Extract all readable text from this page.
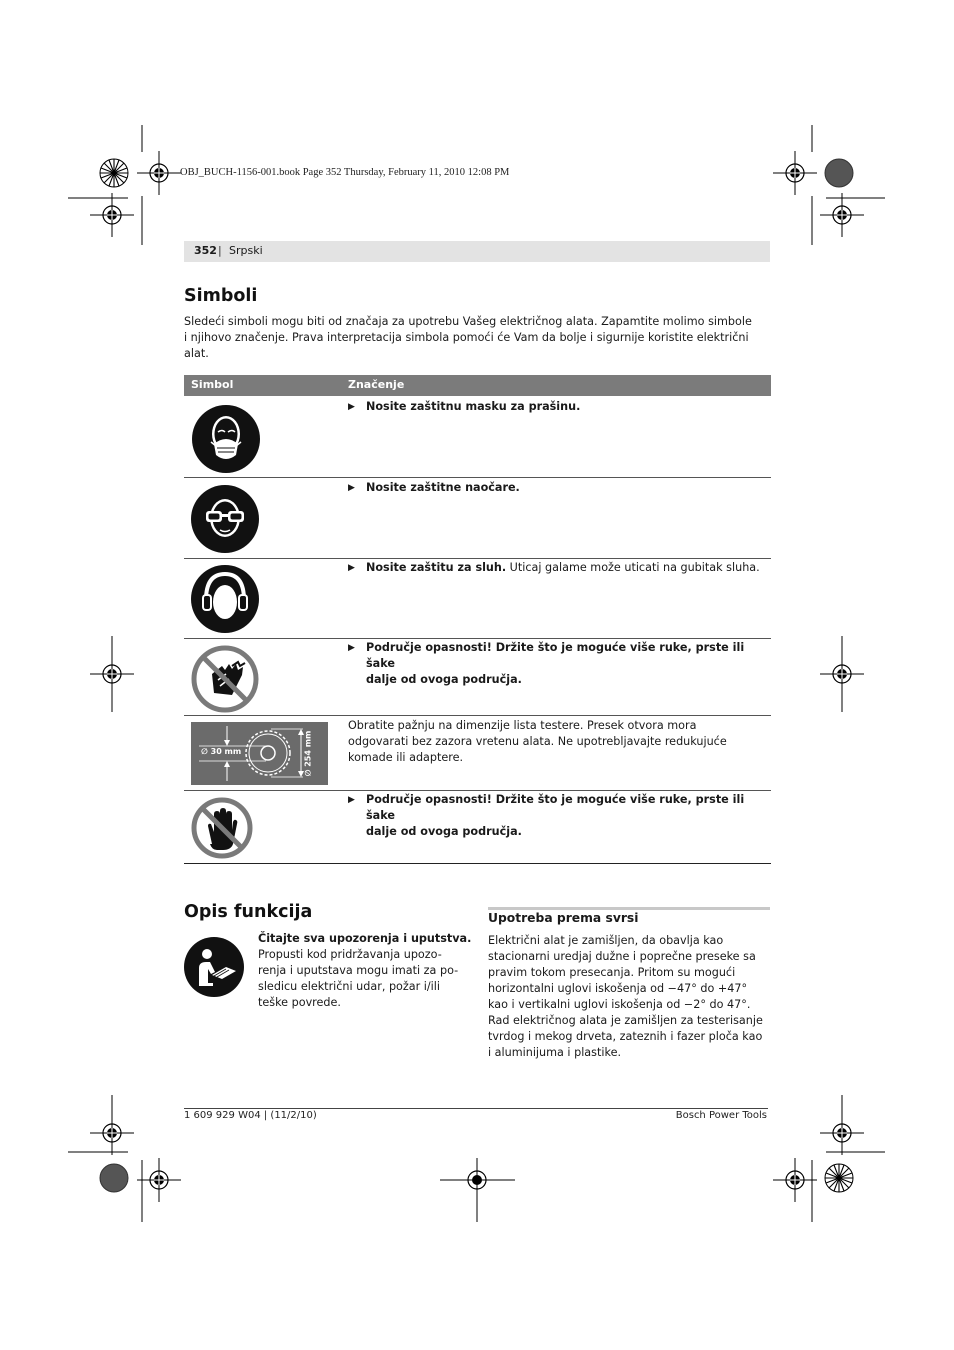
OBJ_BUCH-1156-001.book Page 352 Thursday, February 11, 2010 12:08 PM
352 | Srpski
Simboli
Sledeći simboli mogu biti od značaja za upotrebu Vašeg električnog alata. Zapamtite molimo simbole
i njihovo značenje. Prava interpretacija simbola pomoći će Vam da bolje i sigurnije koristite električni
alat.
Simbol	Značenje
▶ Nosite zaštitnu masku za prašinu.
▶ Nosite zaštitne naočare.
▶ Nosite zaštitu za sluh. Uticaj galame može uticati na gubitak sluha.
▶ Područje opasnosti! Držite što je moguće više ruke, prste ili šake
dalje od ovoga područja.
∅ 30 mm	∅ 254 mm
Obratite pažnju na dimenzije lista testere. Presek otvora mora
odgovarati bez zazora vretenu alata. Ne upotrebljavajte redukujuće
komade ili adaptere.
▶ Područje opasnosti! Držite što je moguće više ruke, prste ili šake
dalje od ovoga područja.
Opis funkcija
Čitajte sva upozorenja i uputstva.
Propusti kod pridržavanja upozo-
renja i uputstava mogu imati za po-
sledicu električni udar, požar i/ili
teške povrede.
Upotreba prema svrsi
Električni alat je zamišljen, da obavlja kao
stacionarni uredjaj dužne i poprečne preseke sa
pravim tokom presecanja. Pritom su mogući
horizontalni uglovi iskošenja od −47° do +47°
kao i vertikalni uglovi iskošenja od −2° do 47°.
Rad električnog alata je zamišljen za testerisanje
tvrdog i mekog drveta, zateznih i fazer ploča kao
i aluminijuma i plastike.
1 609 929 W04 | (11/2/10)	Bosch Power Tools
